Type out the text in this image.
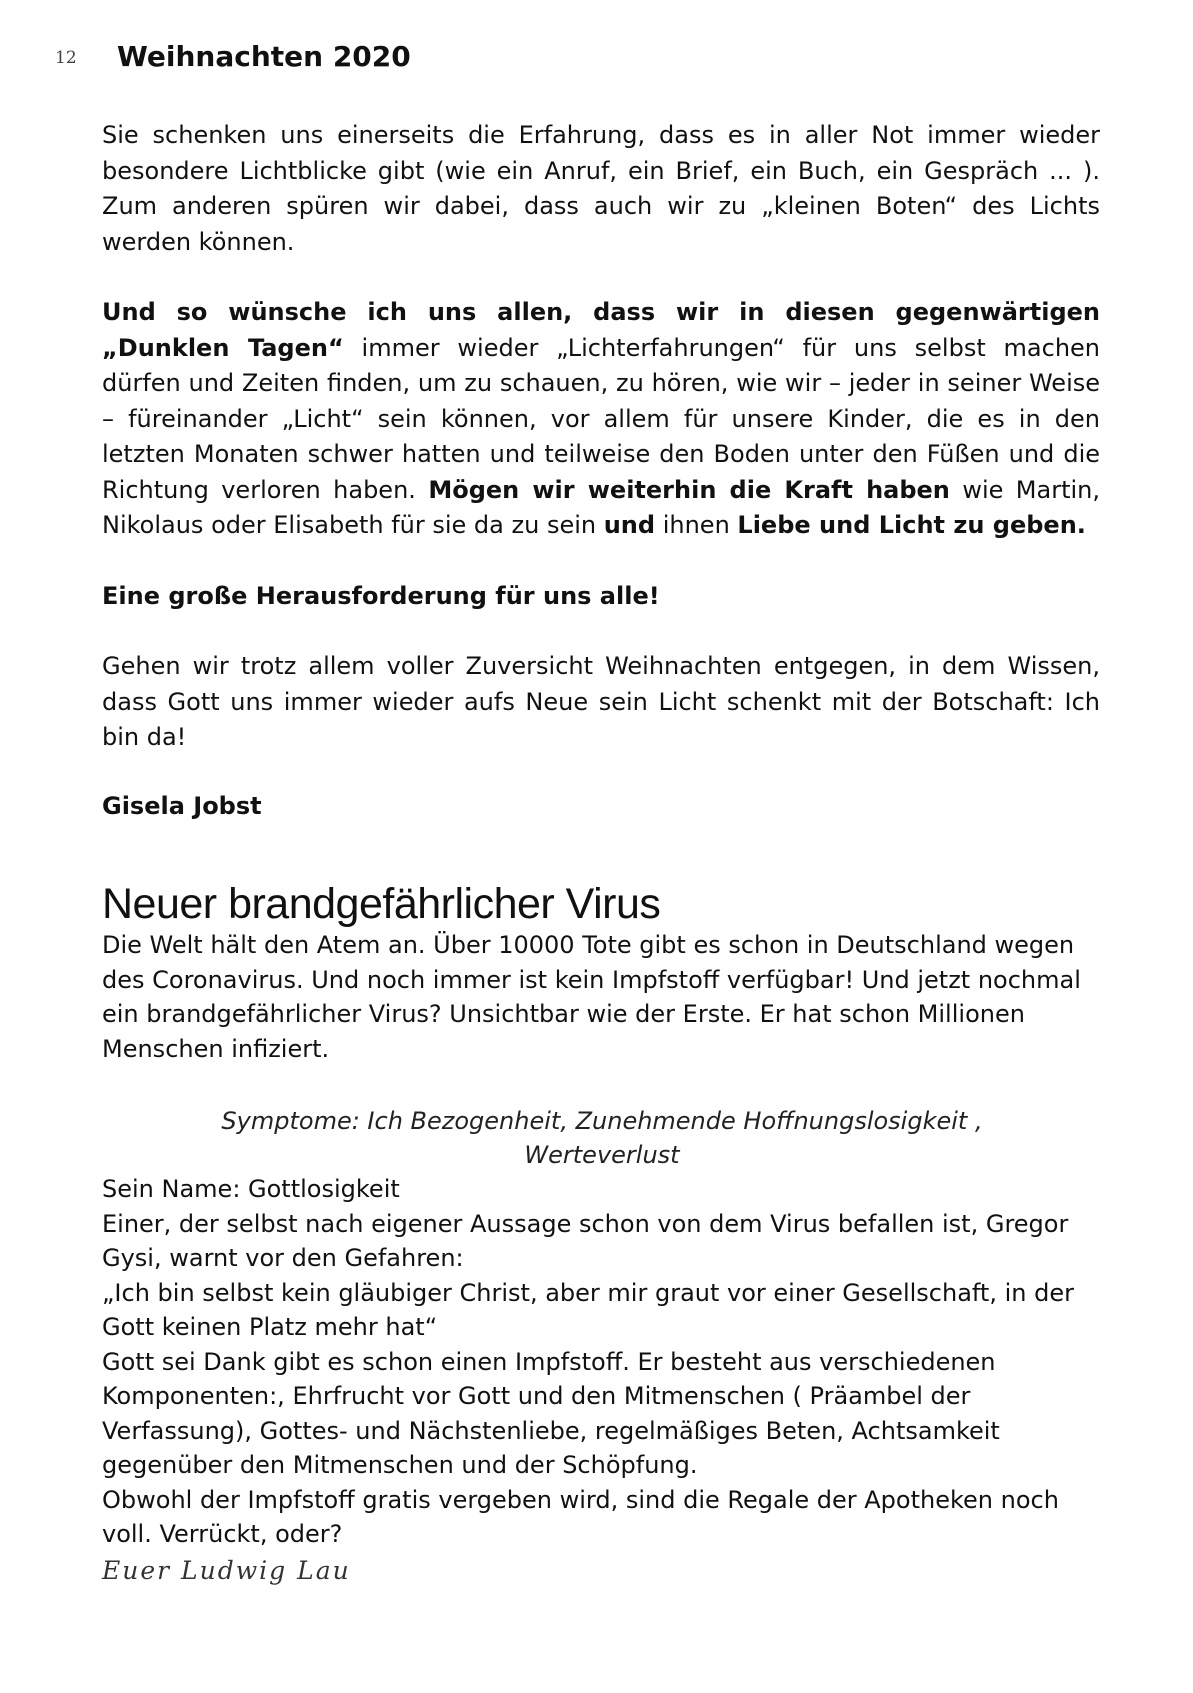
12 Weihnachten 2020

Sie schenken uns einerseits die Erfahrung, dass es in aller Not immer wieder besondere Lichtblicke gibt (wie ein Anruf, ein Brief, ein Buch, ein Gespräch ... ). Zum anderen spüren wir dabei, dass auch wir zu „kleinen Boten“ des Lichts werden können.

Und so wünsche ich uns allen, dass wir in diesen gegenwärtigen „Dunklen Tagen“ immer wieder „Lichterfahrungen“ für uns selbst machen dürfen und Zeiten finden, um zu schauen, zu hören, wie wir – jeder in seiner Weise – füreinander „Licht“ sein können, vor allem für unsere Kinder, die es in den letzten Monaten schwer hatten und teilweise den Boden unter den Füßen und die Richtung verloren haben. Mögen wir weiterhin die Kraft haben wie Martin, Nikolaus oder Elisabeth für sie da zu sein und ihnen Liebe und Licht zu geben.

Eine große Herausforderung für uns alle!

Gehen wir trotz allem voller Zuversicht Weihnachten entgegen, in dem Wissen, dass Gott uns immer wieder aufs Neue sein Licht schenkt mit der Botschaft: Ich bin da!

Gisela Jobst

Neuer brandgefährlicher Virus

Die Welt hält den Atem an. Über 10000 Tote gibt es schon in Deutschland wegen des Coronavirus. Und noch immer ist kein Impfstoff verfügbar! Und jetzt nochmal ein brandgefährlicher Virus? Unsichtbar wie der Erste. Er hat schon Millionen Menschen infiziert.

Symptome: Ich Bezogenheit, Zunehmende Hoffnungslosigkeit ,

Werteverlust

Sein Name: Gottlosigkeit

Einer, der selbst nach eigener Aussage schon von dem Virus befallen ist, Gregor Gysi, warnt vor den Gefahren:

„Ich bin selbst kein gläubiger Christ, aber mir graut vor einer Gesellschaft, in der Gott keinen Platz mehr hat“

Gott sei Dank gibt es schon einen Impfstoff. Er besteht aus verschiedenen Komponenten:, Ehrfrucht vor Gott und den Mitmenschen ( Präambel der Verfassung), Gottes- und Nächstenliebe, regelmäßiges Beten, Achtsamkeit gegenüber den Mitmenschen und der Schöpfung.

Obwohl der Impfstoff gratis vergeben wird, sind die Regale der Apotheken noch voll. Verrückt, oder?

Euer Ludwig Lau
